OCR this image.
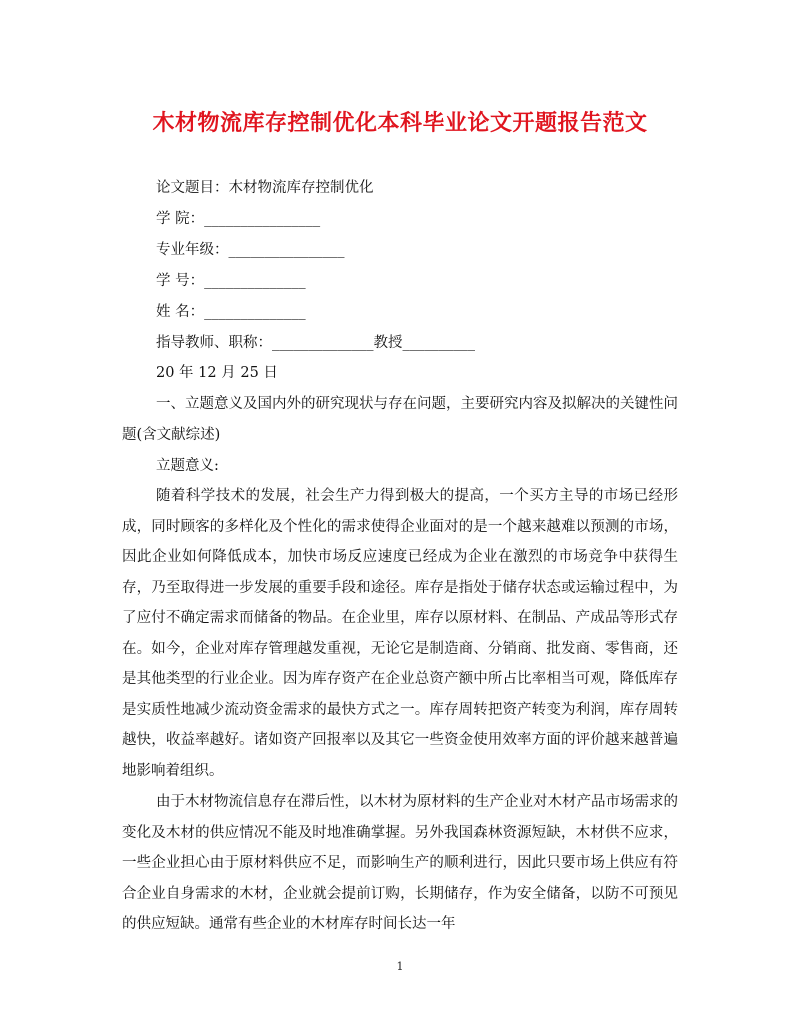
木材物流库存控制优化本科毕业论文开题报告范文
论文题目：木材物流库存控制优化
学 院：________________
专业年级：________________
学 号：______________
姓 名：______________
指导教师、职称：______________教授__________
20 年 12 月 25 日

一、立题意义及国内外的研究现状与存在问题，主要研究内容及拟解决的关键性问题(含文献综述)

立题意义:

随着科学技术的发展，社会生产力得到极大的提高，一个买方主导的市场已经形成，同时顾客的多样化及个性化的需求使得企业面对的是一个越来越难以预测的市场，因此企业如何降低成本，加快市场反应速度已经成为企业在激烈的市场竞争中获得生存，乃至取得进一步发展的重要手段和途径。库存是指处于储存状态或运输过程中，为了应付不确定需求而储备的物品。在企业里，库存以原材料、在制品、产成品等形式存在。如今，企业对库存管理越发重视，无论它是制造商、分销商、批发商、零售商，还是其他类型的行业企业。因为库存资产在企业总资产额中所占比率相当可观，降低库存是实质性地减少流动资金需求的最快方式之一。库存周转把资产转变为利润，库存周转越快，收益率越好。诸如资产回报率以及其它一些资金使用效率方面的评价越来越普遍地影响着组织。

由于木材物流信息存在滞后性，以木材为原材料的生产企业对木材产品市场需求的变化及木材的供应情况不能及时地准确掌握。另外我国森林资源短缺，木材供不应求，一些企业担心由于原材料供应不足，而影响生产的顺利进行，因此只要市场上供应有符合企业自身需求的木材，企业就会提前订购，长期储存，作为安全储备，以防不可预见的供应短缺。通常有些企业的木材库存时间长达一年

1
